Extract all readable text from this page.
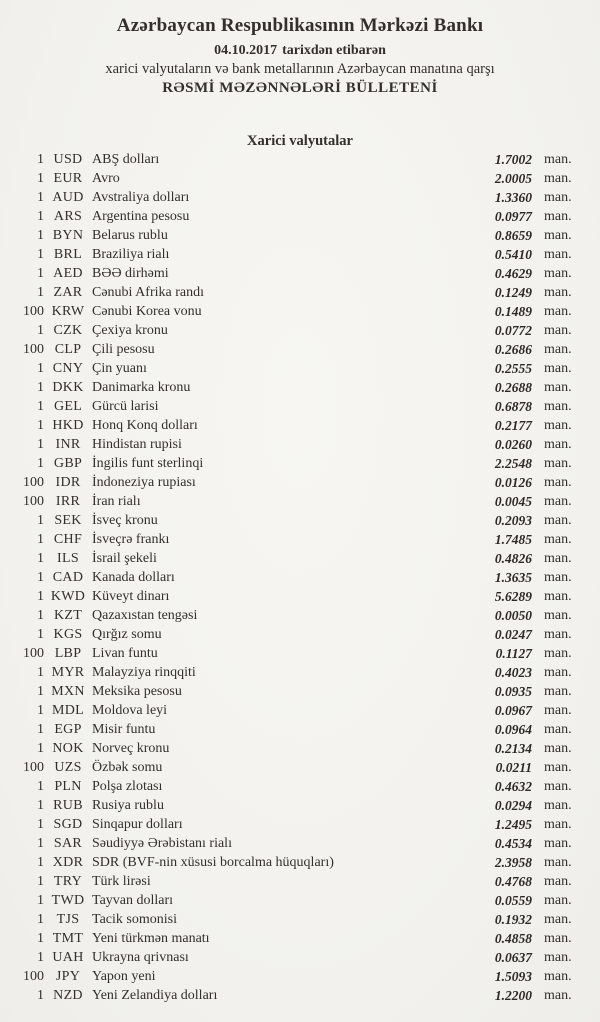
Azərbaycan Respublikasının Mərkəzi Bankı
04.10.2017 tarixdən etibarən
xarici valyutaların və bank metallarının Azərbaycan manatına qarşı
RƏSMİ MƏZƏNNƏLƏRİ BÜLLETENİ
Xarici valyutalar
1 USD ABŞ dolları	1.7002 man.
1 EUR Avro	2.0005 man.
1 AUD Avstraliya dolları	1.3360 man.
1 ARS Argentina pesosu	0.0977 man.
1 BYN Belarus rublu	0.8659 man.
1 BRL Braziliya rialı	0.5410 man.
1 AED BƏƏ dirhəmi	0.4629 man.
1 ZAR Cənubi Afrika randı	0.1249 man.
100 KRW Cənubi Korea vonu	0.1489 man.
1 CZK Çexiya kronu	0.0772 man.
100 CLP Çili pesosu	0.2686 man.
1 CNY Çin yuanı	0.2555 man.
1 DKK Danimarka kronu	0.2688 man.
1 GEL Gürcü larisi	0.6878 man.
1 HKD Honq Konq dolları	0.2177 man.
1 INR Hindistan rupisi	0.0260 man.
1 GBP İngilis funt sterlinqi	2.2548 man.
100 IDR İndoneziya rupiası	0.0126 man.
100 IRR İran rialı	0.0045 man.
1 SEK İsveç kronu	0.2093 man.
1 CHF İsveçrə frankı	1.7485 man.
1 ILS İsrail şekeli	0.4826 man.
1 CAD Kanada dolları	1.3635 man.
1 KWD Küveyt dinarı	5.6289 man.
1 KZT Qazaxıstan tengəsi	0.0050 man.
1 KGS Qırğız somu	0.0247 man.
100 LBP Livan funtu	0.1127 man.
1 MYR Malayziya rinqqiti	0.4023 man.
1 MXN Meksika pesosu	0.0935 man.
1 MDL Moldova leyi	0.0967 man.
1 EGP Misir funtu	0.0964 man.
1 NOK Norveç kronu	0.2134 man.
100 UZS Özbək somu	0.0211 man.
1 PLN Polşa zlotası	0.4632 man.
1 RUB Rusiya rublu	0.0294 man.
1 SGD Sinqapur dolları	1.2495 man.
1 SAR Səudiyyə Ərəbistanı rialı	0.4534 man.
1 XDR SDR (BVF-nin xüsusi borcalma hüquqları)	2.3958 man.
1 TRY Türk lirəsi	0.4768 man.
1 TWD Tayvan dolları	0.0559 man.
1 TJS Tacik somonisi	0.1932 man.
1 TMT Yeni türkmən manatı	0.4858 man.
1 UAH Ukrayna qrivnası	0.0637 man.
100 JPY Yapon yeni	1.5093 man.
1 NZD Yeni Zelandiya dolları	1.2200 man.
